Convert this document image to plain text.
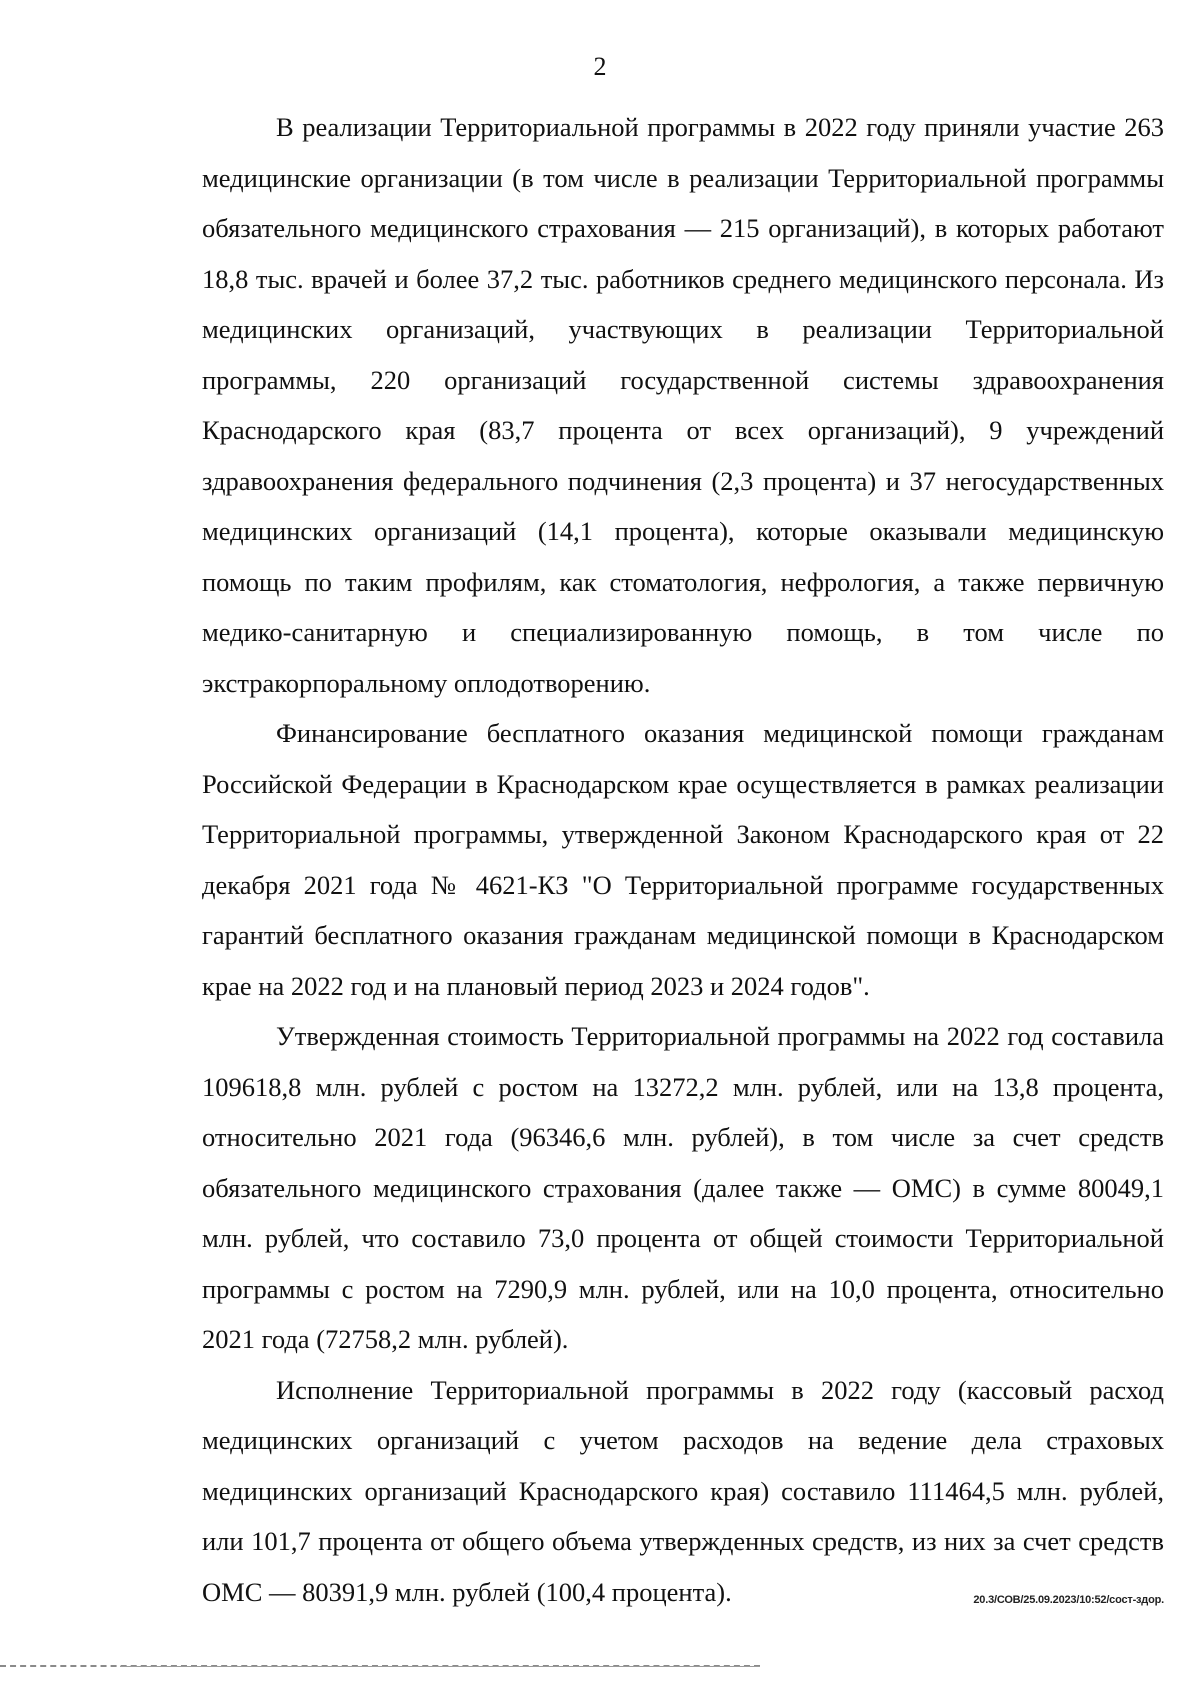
2

В реализации Территориальной программы в 2022 году приняли участие 263 медицинские организации (в том числе в реализации Территориальной программы обязательного медицинского страхования — 215 организаций), в которых работают 18,8 тыс. врачей и более 37,2 тыс. работников среднего медицинского персонала. Из медицинских организаций, участвующих в реализации Территориальной программы, 220 организаций государственной системы здравоохранения Краснодарского края (83,7 процента от всех организаций), 9 учреждений здравоохранения федерального подчинения (2,3 процента) и 37 негосударственных медицинских организаций (14,1 процента), которые оказывали медицинскую помощь по таким профилям, как стоматология, нефрология, а также первичную медико-санитарную и специализированную помощь, в том числе по экстракорпоральному оплодотворению.

Финансирование бесплатного оказания медицинской помощи гражданам Российской Федерации в Краснодарском крае осуществляется в рамках реализации Территориальной программы, утвержденной Законом Краснодарского края от 22 декабря 2021 года № 4621-КЗ "О Территориальной программе государственных гарантий бесплатного оказания гражданам медицинской помощи в Краснодарском крае на 2022 год и на плановый период 2023 и 2024 годов".

Утвержденная стоимость Территориальной программы на 2022 год составила 109618,8 млн. рублей с ростом на 13272,2 млн. рублей, или на 13,8 процента, относительно 2021 года (96346,6 млн. рублей), в том числе за счет средств обязательного медицинского страхования (далее также — ОМС) в сумме 80049,1 млн. рублей, что составило 73,0 процента от общей стоимости Территориальной программы с ростом на 7290,9 млн. рублей, или на 10,0 процента, относительно 2021 года (72758,2 млн. рублей).

Исполнение Территориальной программы в 2022 году (кассовый расход медицинских организаций с учетом расходов на ведение дела страховых медицинских организаций Краснодарского края) составило 111464,5 млн. рублей, или 101,7 процента от общего объема утвержденных средств, из них за счет средств ОМС — 80391,9 млн. рублей (100,4 процента).	20.3/СОВ/25.09.2023/10:52/сост-здор.
